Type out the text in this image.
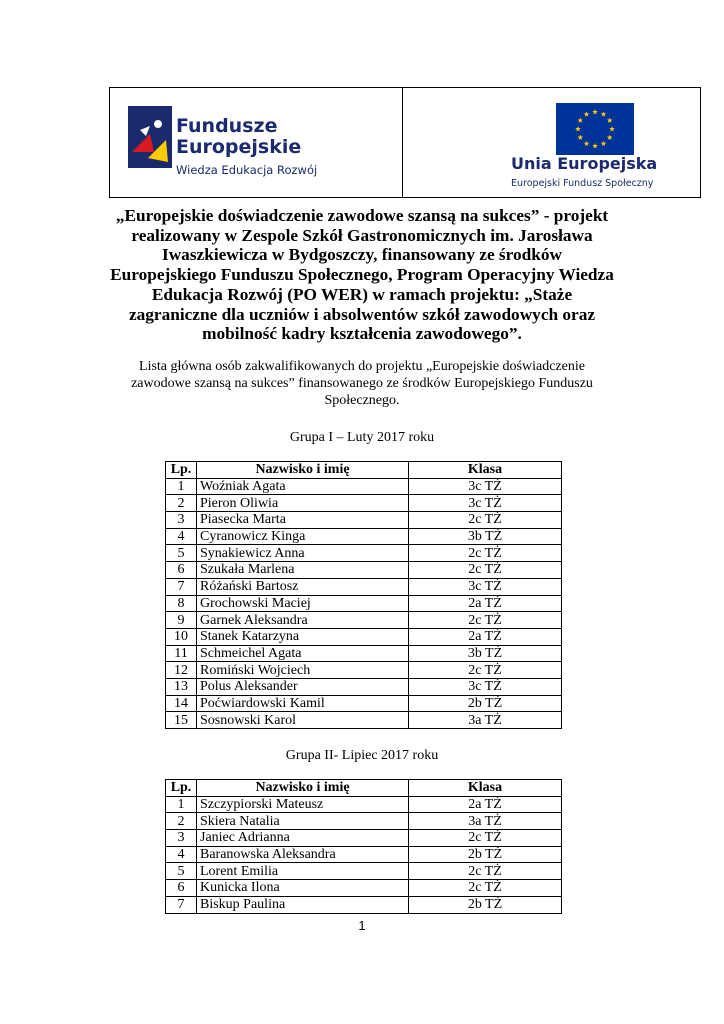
Fundusze
Europejskie
Wiedza Edukacja Rozwój	Unia Europejska
Europejski Fundusz Społeczny
„Europejskie doświadczenie zawodowe szansą na sukces” - projekt
realizowany w Zespole Szkół Gastronomicznych im. Jarosława
Iwaszkiewicza w Bydgoszczy, finansowany ze środków
Europejskiego Funduszu Społecznego, Program Operacyjny Wiedza
Edukacja Rozwój (PO WER) w ramach projektu: „Staże
zagraniczne dla uczniów i absolwentów szkół zawodowych oraz
mobilność kadry kształcenia zawodowego”.
Lista główna osób zakwalifikowanych do projektu „Europejskie doświadczenie
zawodowe szansą na sukces” finansowanego ze środków Europejskiego Funduszu
Społecznego.
Grupa I – Luty 2017 roku
Lp.	Nazwisko i imię	Klasa
1	Woźniak Agata	3c TŻ
2	Pieron Oliwia	3c TŻ
3	Piasecka Marta	2c TŻ
4	Cyranowicz Kinga	3b TŻ
5	Synakiewicz Anna	2c TŻ
6	Szukała Marlena	2c TŻ
7	Różański Bartosz	3c TŻ
8	Grochowski Maciej	2a TŻ
9	Garnek Aleksandra	2c TŻ
10	Stanek Katarzyna	2a TŻ
11	Schmeichel Agata	3b TŻ
12	Romiński Wojciech	2c TŻ
13	Polus Aleksander	3c TŻ
14	Poćwiardowski Kamil	2b TŻ
15	Sosnowski Karol	3a TŻ
Grupa II- Lipiec 2017 roku
Lp.	Nazwisko i imię	Klasa
1	Szczypiorski Mateusz	2a TŻ
2	Skiera Natalia	3a TŻ
3	Janiec Adrianna	2c TŻ
4	Baranowska Aleksandra	2b TŻ
5	Lorent Emilia	2c TŻ
6	Kunicka Ilona	2c TŻ
7	Biskup Paulina	2b TŻ
1
